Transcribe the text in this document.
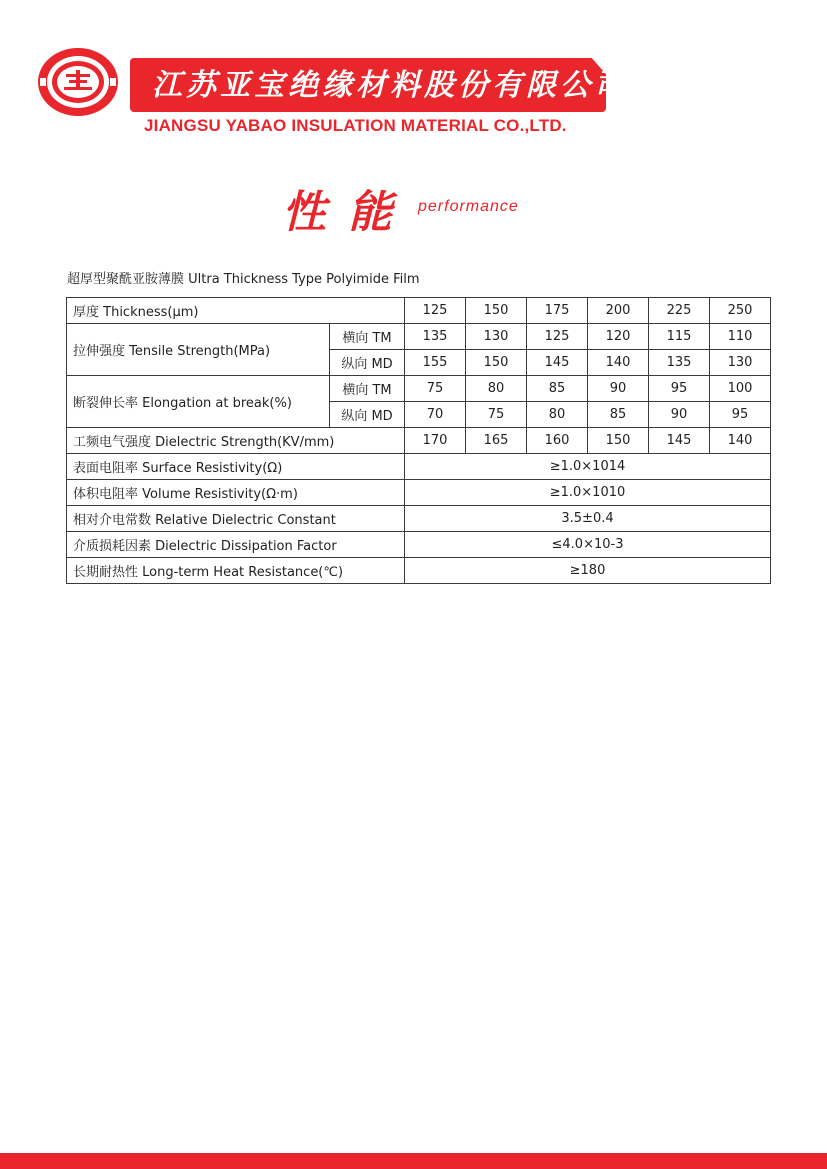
江苏亚宝绝缘材料股份有限公司
JIANGSU YABAO INSULATION MATERIAL CO.,LTD.
性能 performance
超厚型聚酰亚胺薄膜 Ultra Thickness Type Polyimide Film
厚度 Thickness(μm)		125	150	175	200	225	250
拉伸强度 Tensile Strength(MPa)	横向 TM	135	130	125	120	115	110
	纵向 MD	155	150	145	140	135	130
断裂伸长率 Elongation at break(%)	横向 TM	75	80	85	90	95	100
	纵向 MD	70	75	80	85	90	95
工频电气强度 Dielectric Strength(KV/mm)		170	165	160	150	145	140
表面电阻率 Surface Resistivity(Ω)		≥1.0×1014					
体积电阻率 Volume Resistivity(Ω·m)		≥1.0×1010					
相对介电常数 Relative Dielectric Constant		3.5±0.4					
介质损耗因素 Dielectric Dissipation Factor		≤4.0×10-3					
长期耐热性 Long-term Heat Resistance(℃)		≥180					
